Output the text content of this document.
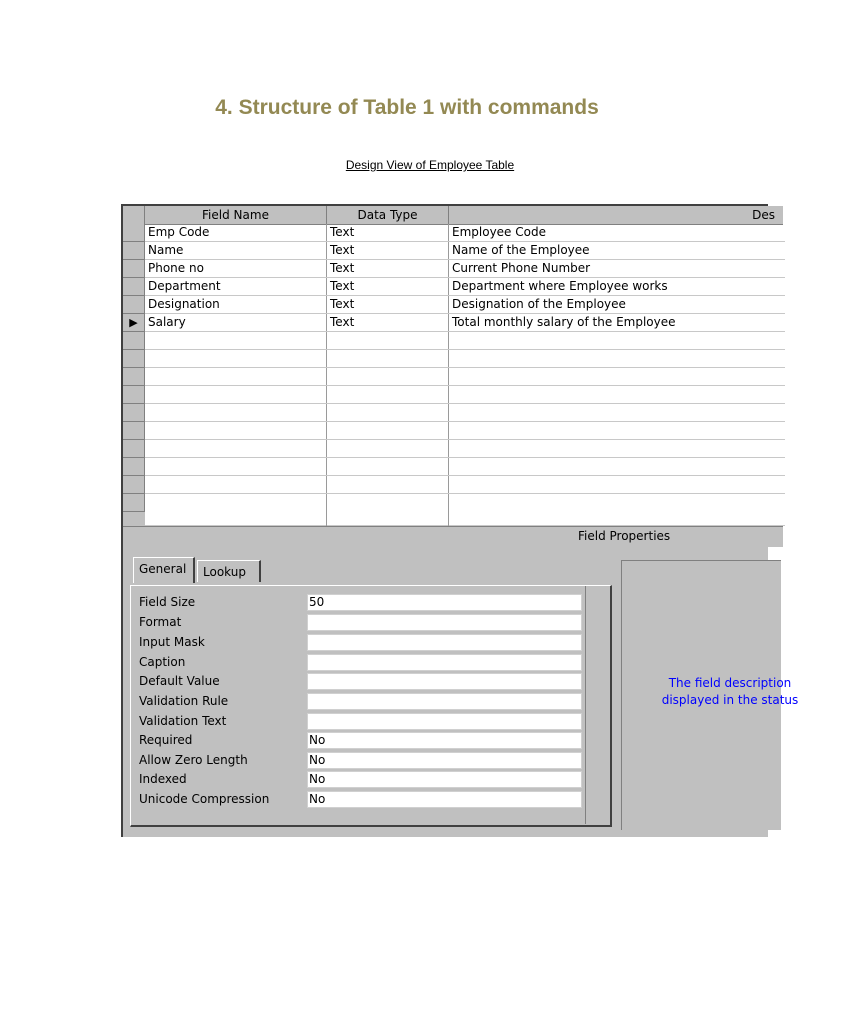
4. Structure of Table 1 with commands
Design View of Employee Table
Field Name	Data Type	Des
▶
Emp Code	Text	Employee Code
Name	Text	Name of the Employee
Phone no	Text	Current Phone Number
Department	Text	Department where Employee works
Designation	Text	Designation of the Employee
Salary	Text	Total monthly salary of the Employee
Field Properties
General	Lookup
Field Size	50
Format
Input Mask
Caption
Default Value
Validation Rule
Validation Text
Required	No
Allow Zero Length	No
Indexed	No
Unicode Compression	No
The field description
displayed in the status
